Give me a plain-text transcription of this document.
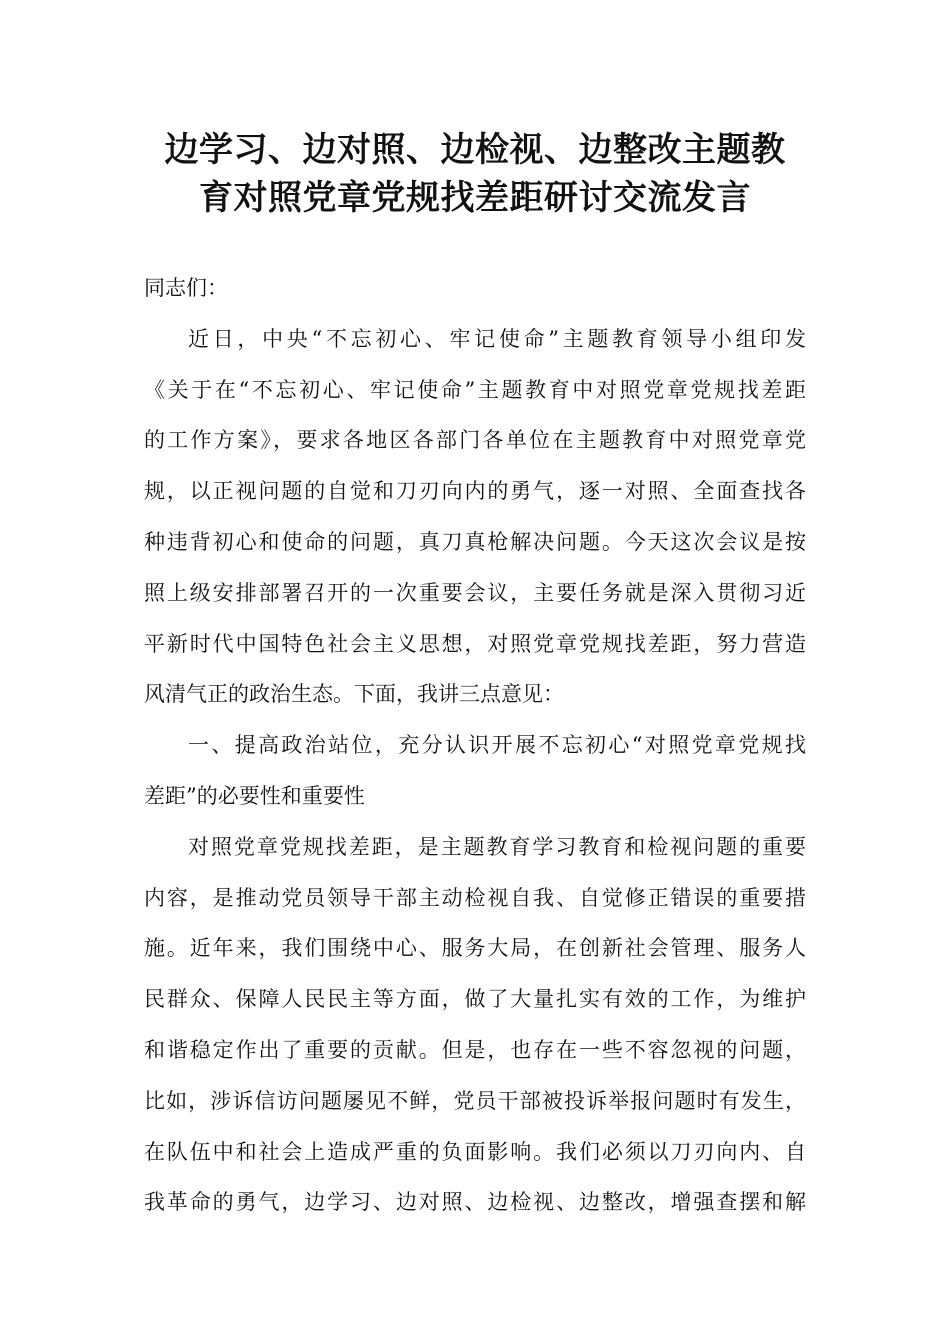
边学习、边对照、边检视、边整改主题教
育对照党章党规找差距研讨交流发言
同志们：
近日，中央“不忘初心、牢记使命”主题教育领导小组印发
《关于在“不忘初心、牢记使命”主题教育中对照党章党规找差距
的工作方案》，要求各地区各部门各单位在主题教育中对照党章党
规，以正视问题的自觉和刀刃向内的勇气，逐一对照、全面查找各
种违背初心和使命的问题，真刀真枪解决问题。今天这次会议是按
照上级安排部署召开的一次重要会议，主要任务就是深入贯彻习近
平新时代中国特色社会主义思想，对照党章党规找差距，努力营造
风清气正的政治生态。下面，我讲三点意见：
一、提高政治站位，充分认识开展不忘初心“对照党章党规找
差距”的必要性和重要性
对照党章党规找差距，是主题教育学习教育和检视问题的重要
内容，是推动党员领导干部主动检视自我、自觉修正错误的重要措
施。近年来，我们围绕中心、服务大局，在创新社会管理、服务人
民群众、保障人民民主等方面，做了大量扎实有效的工作，为维护
和谐稳定作出了重要的贡献。但是，也存在一些不容忽视的问题，
比如，涉诉信访问题屡见不鲜，党员干部被投诉举报问题时有发生，
在队伍中和社会上造成严重的负面影响。我们必须以刀刃向内、自
我革命的勇气，边学习、边对照、边检视、边整改，增强查摆和解
